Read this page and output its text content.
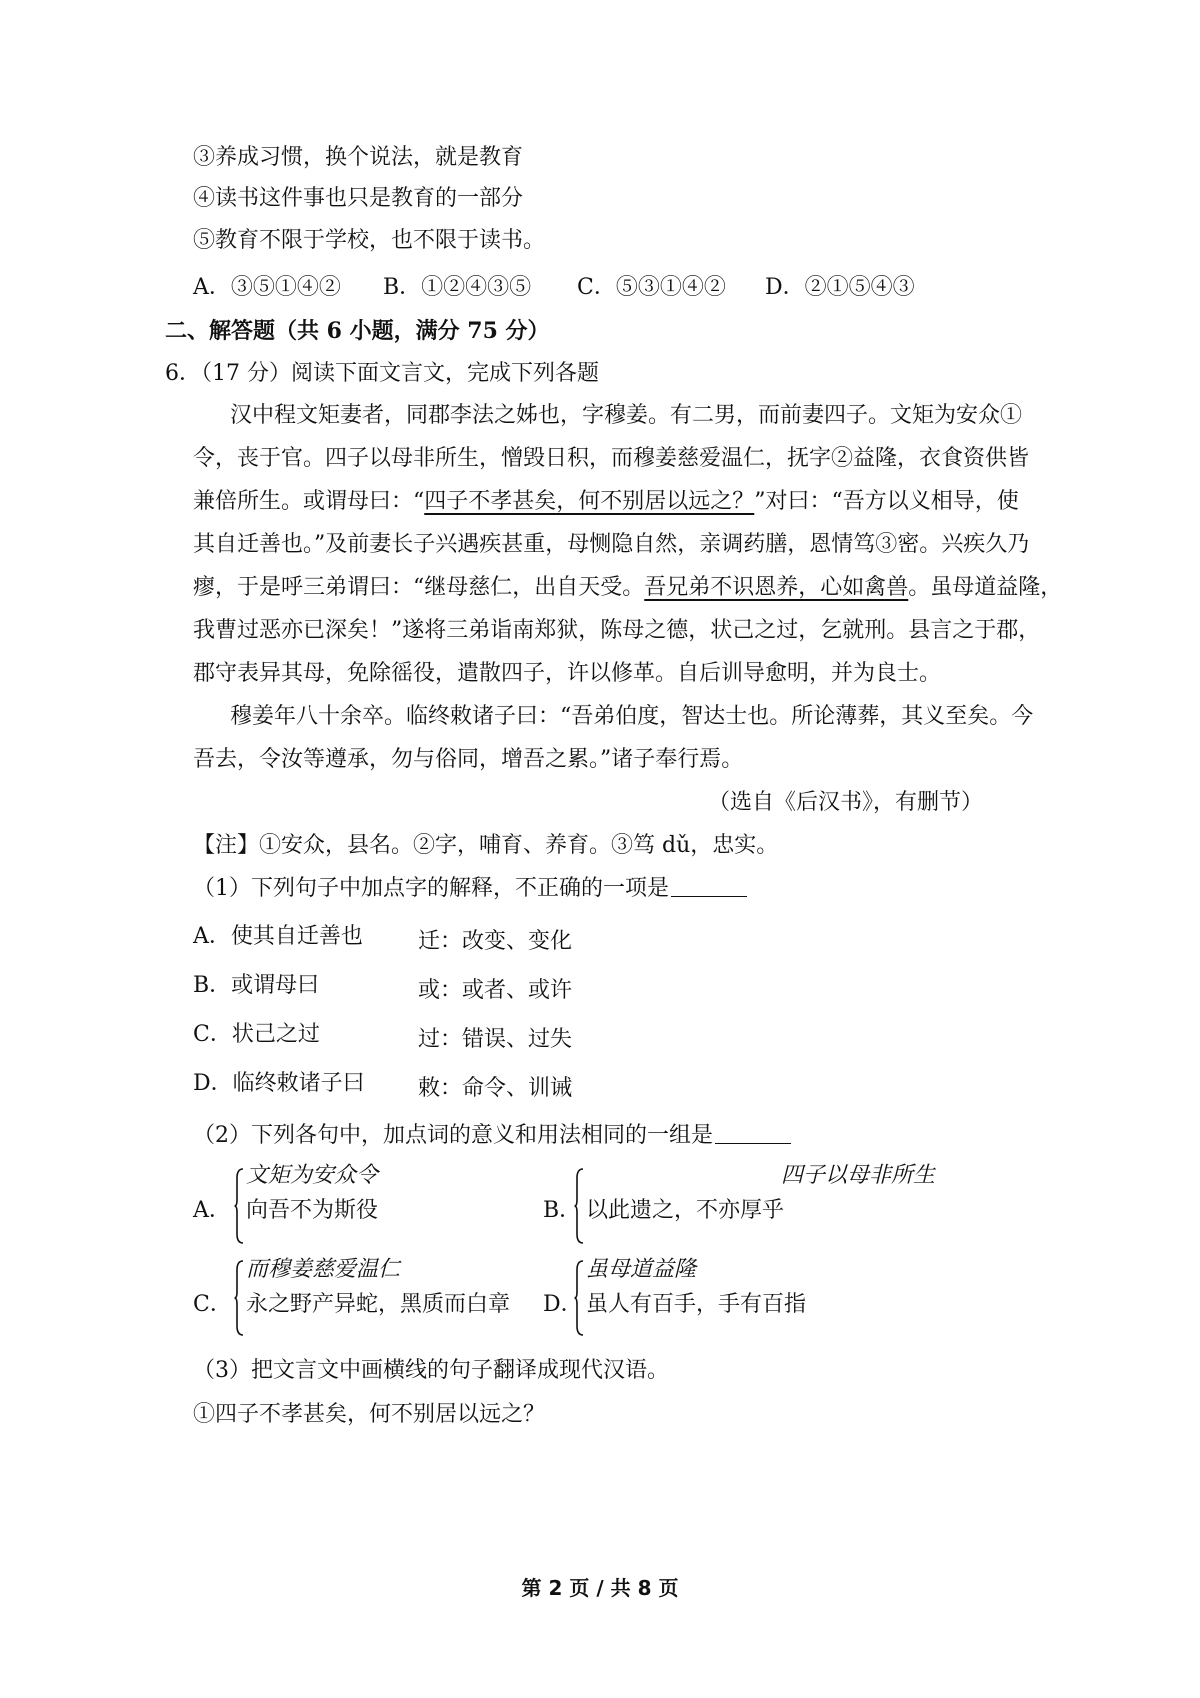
③养成习惯，换个说法，就是教育
④读书这件事也只是教育的一部分
⑤教育不限于学校，也不限于读书。
A．③⑤①④② B．①②④③⑤ C．⑤③①④② D．②①⑤④③
二、解答题（共 6 小题，满分 75 分）
6．（17 分）阅读下面文言文，完成下列各题
汉中程文矩妻者，同郡李法之姊也，字穆姜。有二男，而前妻四子。文矩为安众①
令，丧于官。四子以母非所生，憎毁日积，而穆姜慈爱温仁，抚字②益隆，衣食资供皆
兼倍所生。或谓母曰：“四子不孝甚矣，何不别居以远之？”对曰：“吾方以义相导，使
其自迁善也。”及前妻长子兴遇疾甚重，母恻隐自然，亲调药膳，恩情笃③密。兴疾久乃
瘳，于是呼三弟谓曰：“继母慈仁，出自天受。吾兄弟不识恩养，心如禽兽。虽母道益隆，
我曹过恶亦已深矣！”遂将三弟诣南郑狱，陈母之德，状己之过，乞就刑。县言之于郡，
郡守表异其母，免除徭役，遣散四子，许以修革。自后训导愈明，并为良士。
穆姜年八十余卒。临终敕诸子曰：“吾弟伯度，智达士也。所论薄葬，其义至矣。今
吾去，令汝等遵承，勿与俗同，增吾之累。”诸子奉行焉。
（选自《后汉书》，有删节）
【注】①安众，县名。②字，哺育、养育。③笃 dǔ，忠实。
（1）下列句子中加点字的解释，不正确的一项是
A．使其自迁善也	迁：改变、变化
B．或谓母曰	或：或者、或许
C．状己之过	过：错误、过失
D．临终敕诸子曰 敕：命令、训诫
（2）下列各句中，加点词的意义和用法相同的一组是
A．
文矩为安众令
向吾不为斯役	B．
四子以母非所生
以此遗之，不亦厚乎
C．
而穆姜慈爱温仁
永之野产异蛇，黑质而白章 D．
虽母道益隆
虽人有百手，手有百指
（3）把文言文中画横线的句子翻译成现代汉语。
①四子不孝甚矣，何不别居以远之？
第 2 页 / 共 8 页
